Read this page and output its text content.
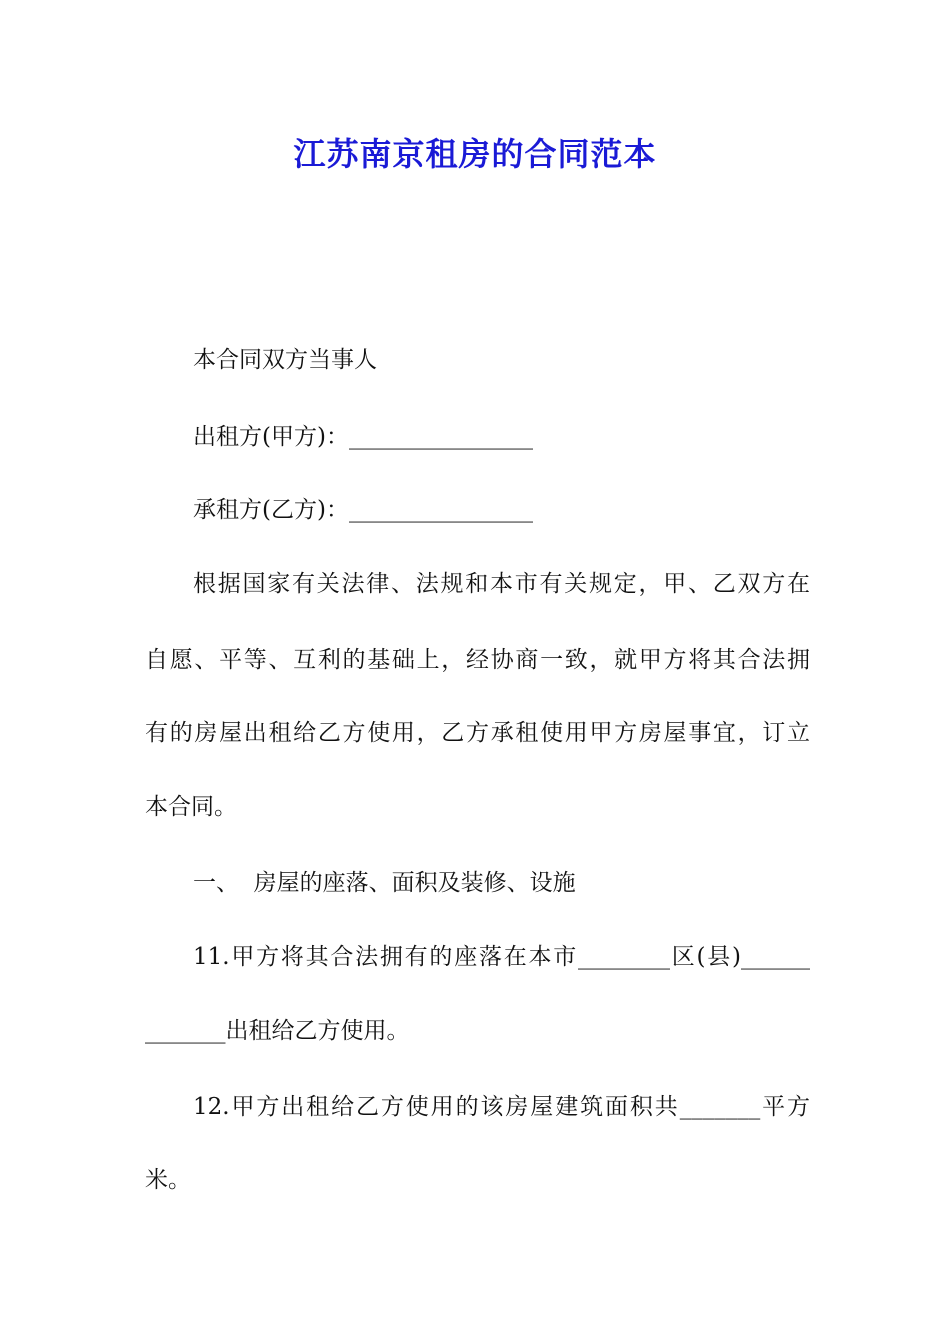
江苏南京租房的合同范本
本合同双方当事人
出租方(甲方)：________________
承租方(乙方)：________________
根据国家有关法律、法规和本市有关规定，甲、乙双方在
自愿、平等、互利的基础上，经协商一致，就甲方将其合法拥
有的房屋出租给乙方使用，乙方承租使用甲方房屋事宜，订立
本合同。
一、  房屋的座落、面积及装修、设施
11.甲方将其合法拥有的座落在本市________区(县)______
_______出租给乙方使用。
12.甲方出租给乙方使用的该房屋建筑面积共_______平方
米。
